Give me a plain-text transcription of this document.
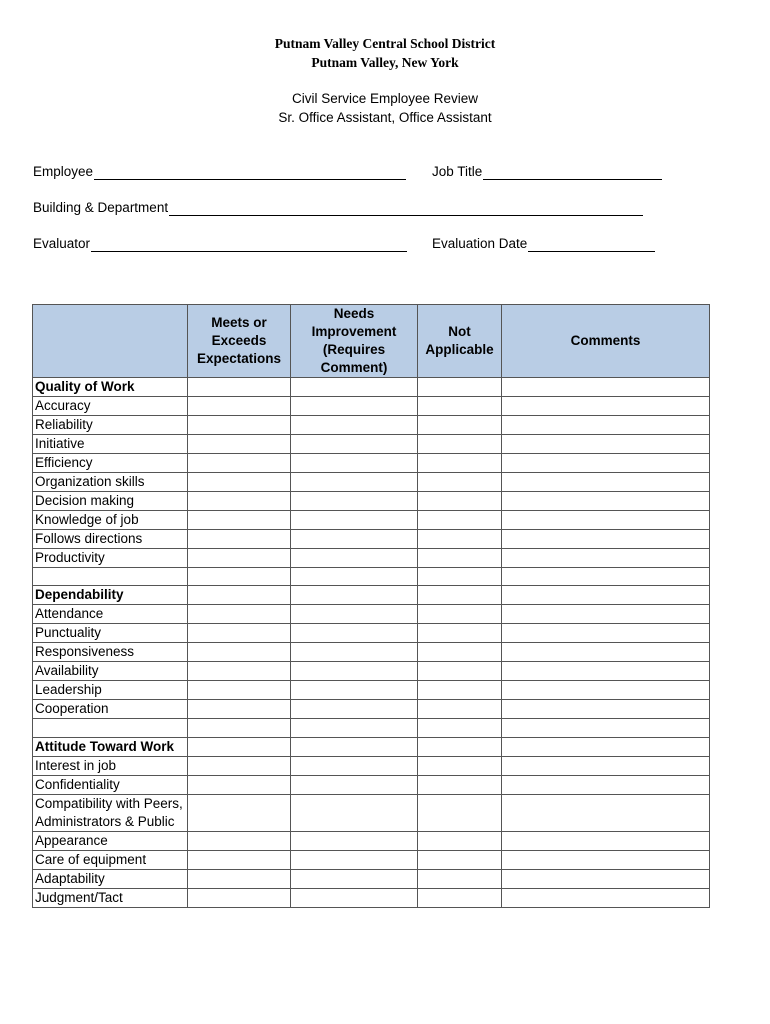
Putnam Valley Central School District
Putnam Valley, New York
Civil Service Employee Review
Sr. Office Assistant, Office Assistant
Employee	Job Title
Building & Department
Evaluator	Evaluation Date
	Meets or Exceeds Expectations	Needs Improvement (Requires Comment)	Not Applicable	Comments
Quality of Work				
Accuracy				
Reliability				
Initiative				
Efficiency				
Organization skills				
Decision making				
Knowledge of job				
Follows directions				
Productivity				

Dependability				
Attendance				
Punctuality				
Responsiveness				
Availability				
Leadership				
Cooperation				

Attitude Toward Work				
Interest in job				
Confidentiality				
Compatibility with Peers, Administrators & Public				
Appearance				
Care of equipment				
Adaptability				
Judgment/Tact				
